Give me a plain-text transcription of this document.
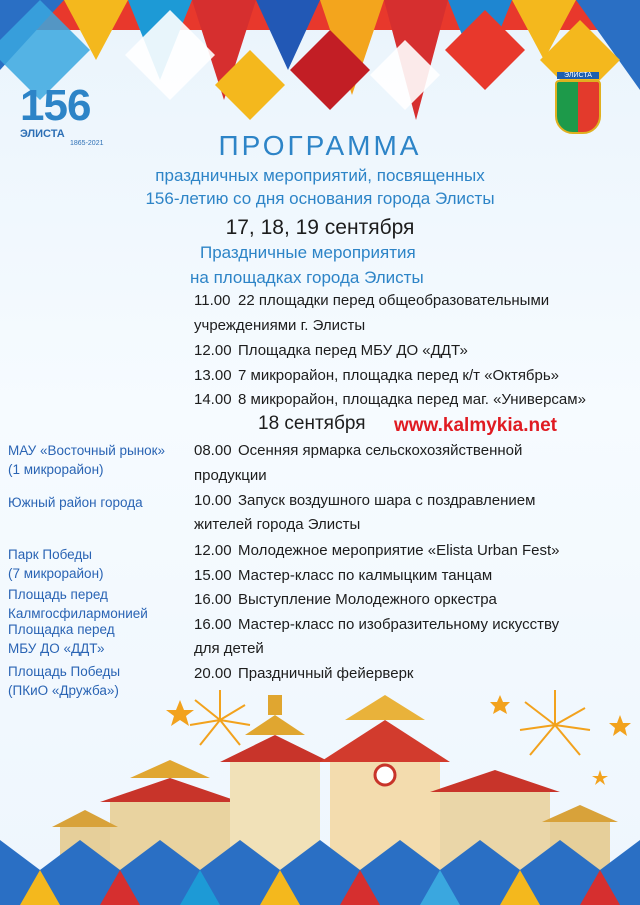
156
ЭЛИСТА
1865-2021
ЭЛИСТА
ПРОГРАММА
праздничных мероприятий, посвященных
156-летию со дня основания города Элисты
17, 18, 19 сентября
Праздничные мероприятия
на площадках города Элисты
11.00 22 площадки перед общеобразовательными
учреждениями г. Элисты
12.00 Площадка перед МБУ ДО «ДДТ»
13.00 7 микрорайон, площадка перед к/т «Октябрь»
14.00 8 микрорайон, площадка перед маг. «Универсам»
18 сентября www.kalmykia.net
МАУ «Восточный рынок»
(1 микрорайон)
Южный район города
Парк Победы
(7 микрорайон)
Площадь перед
Калмгосфилармонией
Площадка перед
МБУ ДО «ДДТ»
Площадь Победы
(ПКиО «Дружба»)
08.00 Осенняя ярмарка сельскохозяйственной
продукции
10.00 Запуск воздушного шара с поздравлением
жителей города Элисты
12.00 Молодежное мероприятие «Elista Urban Fest»
15.00 Мастер-класс по калмыцким танцам
16.00 Выступление Молодежного оркестра
16.00 Мастер-класс по изобразительному искусству
для детей
20.00 Праздничный фейерверк
